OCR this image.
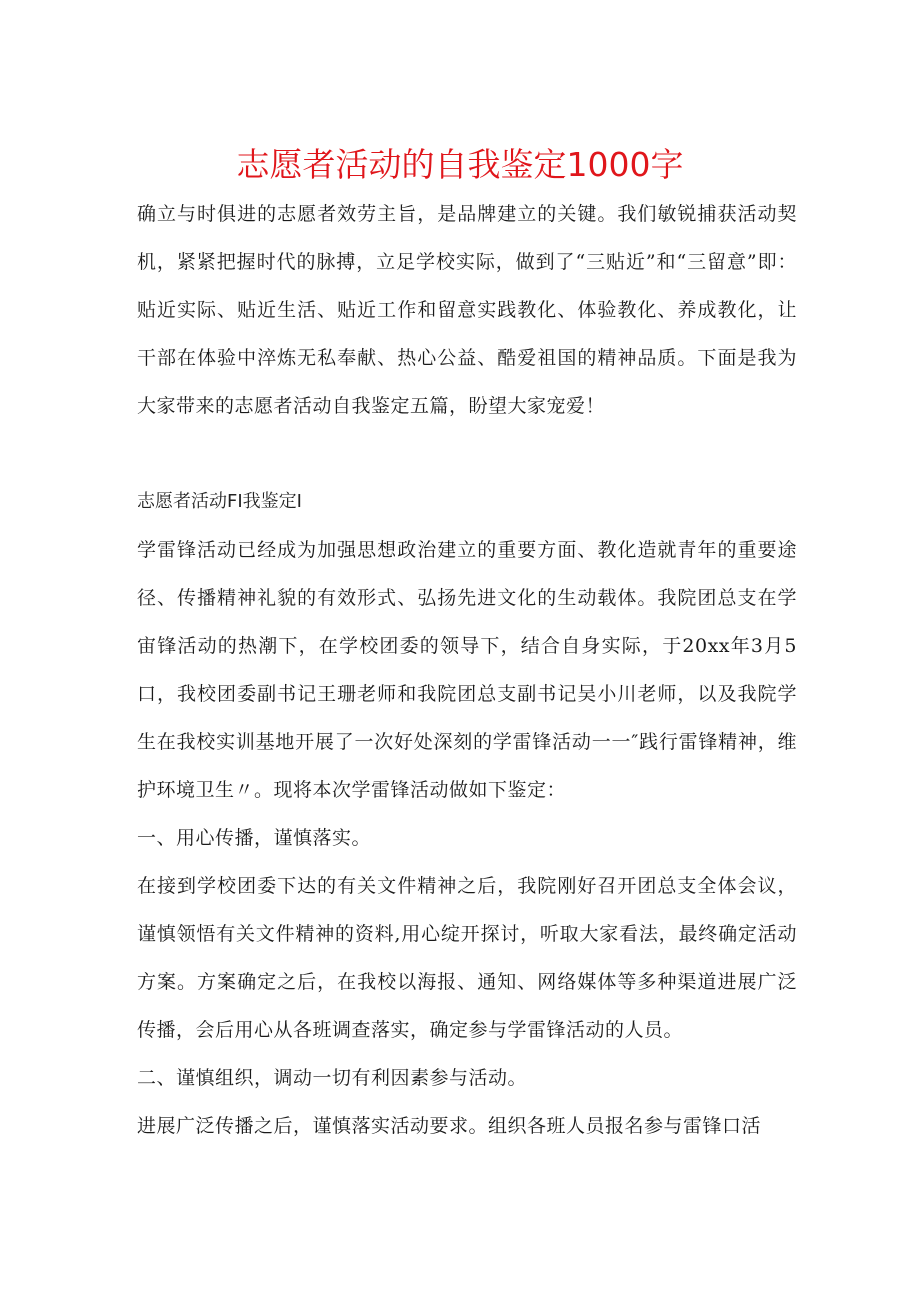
志愿者活动的自我鉴定1000字

确立与时俱进的志愿者效劳主旨，是品牌建立的关键。我们敏锐捕获活动契机，紧紧把握时代的脉搏，立足学校实际，做到了“三贴近”和“三留意”即：贴近实际、贴近生活、贴近工作和留意实践教化、体验教化、养成教化，让干部在体验中淬炼无私奉献、热心公益、酷爱祖国的精神品质。下面是我为大家带来的志愿者活动自我鉴定五篇，盼望大家宠爱！

志愿者活动FI我鉴定I

学雷锋活动已经成为加强思想政治建立的重要方面、教化造就青年的重要途径、传播精神礼貌的有效形式、弘扬先进文化的生动载体。我院团总支在学宙锋活动的热潮下，在学校团委的领导下，结合自身实际，于20xx年3月5口，我校团委副书记王珊老师和我院团总支副书记吴小川老师，以及我院学生在我校实训基地开展了一次好处深刻的学雷锋活动一一″践行雷锋精神，维护环境卫生〃。现将本次学雷锋活动做如下鉴定：

一、用心传播，谨慎落实。

在接到学校团委下达的有关文件精神之后，我院刚好召开团总支全体会议，谨慎领悟有关文件精神的资料,用心绽开探讨，听取大家看法，最终确定活动方案。方案确定之后，在我校以海报、通知、网络媒体等多种渠道进展广泛传播，会后用心从各班调查落实，确定参与学雷锋活动的人员。

二、谨慎组织，调动一切有利因素参与活动。

进展广泛传播之后，谨慎落实活动要求。组织各班人员报名参与雷锋口活
